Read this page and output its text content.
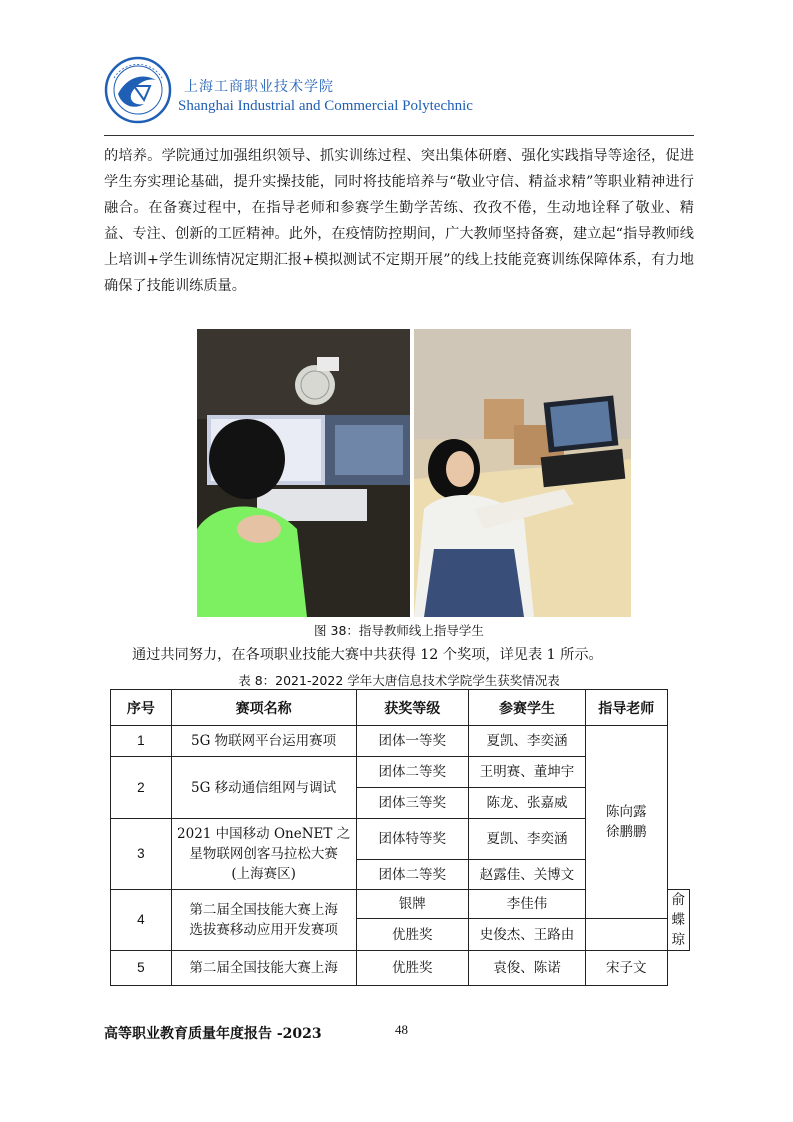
上海工商职业技术学院
Shanghai Industrial and Commercial Polytechnic

的培养。学院通过加强组织领导、抓实训练过程、突出集体研磨、强化实践指导等途径，促进学生夯实理论基础，提升实操技能，同时将技能培养与“敬业守信、精益求精”等职业精神进行融合。在备赛过程中，在指导老师和参赛学生勤学苦练、孜孜不倦，生动地诠释了敬业、精益、专注、创新的工匠精神。此外，在疫情防控期间，广大教师坚持备赛，建立起“指导教师线上培训+学生训练情况定期汇报+模拟测试不定期开展”的线上技能竞赛训练保障体系，有力地确保了技能训练质量。

图 38：指导教师线上指导学生

通过共同努力，在各项职业技能大赛中共获得 12 个奖项，详见表 1 所示。

表 8：2021-2022 学年大唐信息技术学院学生获奖情况表
序号	赛项名称	获奖等级	参赛学生	指导老师	
1	5G 物联网平台运用赛项	团体一等奖	夏凯、李奕涵	陈向露
徐鹏鹏	

2	5G 移动通信组网与调试	团体二等奖	王明赛、董坤宇		
		团体三等奖	陈龙、张嘉威		
3	2021 中国移动 OneNET 之
星物联网创客马拉松大赛
(上海赛区)	团体特等奖	夏凯、李奕涵		
		团体二等奖	赵露佳、关博文		
4	第二届全国技能大赛上海
选拔赛移动应用开发赛项	银牌	李佳伟		俞蝶琼
		优胜奖	史俊杰、王路由		
5	第二届全国技能大赛上海	优胜奖	袁俊、陈诺	宋子文	
高等职业教育质量年度报告 -2023	48
